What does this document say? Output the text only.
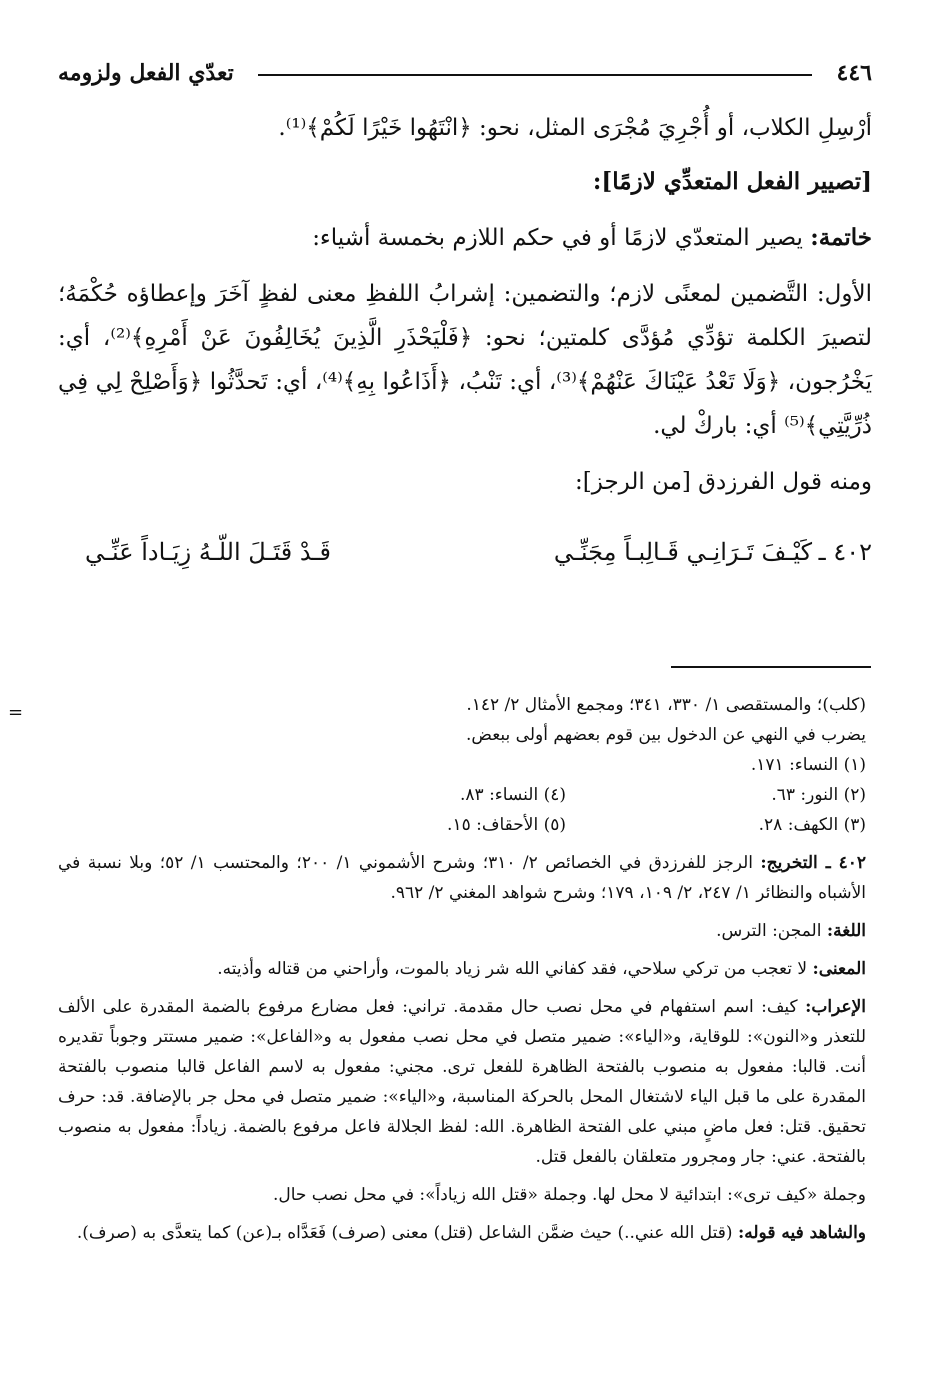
٤٤٦
تعدّي الفعل ولزومه

أرْسِلِ الكلاب، أو أُجْرِيَ مُجْرَى المثل، نحو: ﴿انْتَهُوا خَيْرًا لَكُمْ﴾⁽¹⁾.

[تصيير الفعل المتعدِّي لازمًا]:

خاتمة: يصير المتعدّي لازمًا أو في حكم اللازم بخمسة أشياء:

الأول: التَّضمين لمعنًى لازم؛ والتضمين: إشرابُ اللفظِ معنى لفظٍ آخَرَ وإعطاؤه حُكْمَهُ؛ لتصيرَ الكلمة تؤدِّي مُؤدَّى كلمتين؛ نحو: ﴿فَلْيَحْذَرِ الَّذِينَ يُخَالِفُونَ عَنْ أَمْرِهِ﴾⁽²⁾، أي: يَخْرُجون، ﴿وَلَا تَعْدُ عَيْنَاكَ عَنْهُمْ﴾⁽³⁾، أي: تَنْبُ، ﴿أَذَاعُوا بِهِ﴾⁽⁴⁾، أي: تَحدَّثُوا ﴿وَأَصْلِحْ لِي فِي ذُرِّيَّتِي﴾⁽⁵⁾ أي: باركْ لي.

ومنه قول الفرزدق [من الرجز]:

٤٠٢ ـ
كَيْـفَ تَـرَانِـي قَـالِبـاً مِجَنِّـي
قَـدْ قَتَـلَ اللّـهُ زِيَـاداً عَنِّـي
=	(كلب)؛ والمستقصى ١/ ٣٣٠، ٣٤١؛ ومجمع الأمثال ٢/ ١٤٢.

يضرب في النهي عن الدخول بين قوم بعضهم أولى ببعض.

(١) النساء: ١٧١.

(٢) النور: ٦٣.
(٤) النساء: ٨٣.

(٣) الكهف: ٢٨.
(٥) الأحقاف: ١٥.

٤٠٢ ـ التخريج: الرجز للفرزدق في الخصائص ٢/ ٣١٠؛ وشرح الأشموني ١/ ٢٠٠؛ والمحتسب ١/ ٥٢؛ وبلا نسبة في الأشباه والنظائر ١/ ٢٤٧، ٢/ ١٠٩، ١٧٩؛ وشرح شواهد المغني ٢/ ٩٦٢.

اللغة: المجن: الترس.

المعنى: لا تعجب من تركي سلاحي، فقد كفاني الله شر زياد بالموت، وأراحني من قتاله وأذيته.

الإعراب: كيف: اسم استفهام في محل نصب حال مقدمة. تراني: فعل مضارع مرفوع بالضمة المقدرة على الألف للتعذر و«النون»: للوقاية، و«الياء»: ضمير متصل في محل نصب مفعول به و«الفاعل»: ضمير مستتر وجوباً تقديره أنت. قالبا: مفعول به منصوب بالفتحة الظاهرة للفعل ترى. مجني: مفعول به لاسم الفاعل قالبا منصوب بالفتحة المقدرة على ما قبل الياء لاشتغال المحل بالحركة المناسبة، و«الياء»: ضمير متصل في محل جر بالإضافة. قد: حرف تحقيق. قتل: فعل ماضٍ مبني على الفتحة الظاهرة. الله: لفظ الجلالة فاعل مرفوع بالضمة. زياداً: مفعول به منصوب بالفتحة. عني: جار ومجرور متعلقان بالفعل قتل.

وجملة «كيف ترى»: ابتدائية لا محل لها. وجملة «قتل الله زياداً»: في محل نصب حال.

والشاهد فيه قوله: (قتل الله عني..) حيث ضمَّن الشاعل (قتل) معنى (صرف) فَعَدَّاه بـ(عن) كما يتعدَّى به (صرف).
